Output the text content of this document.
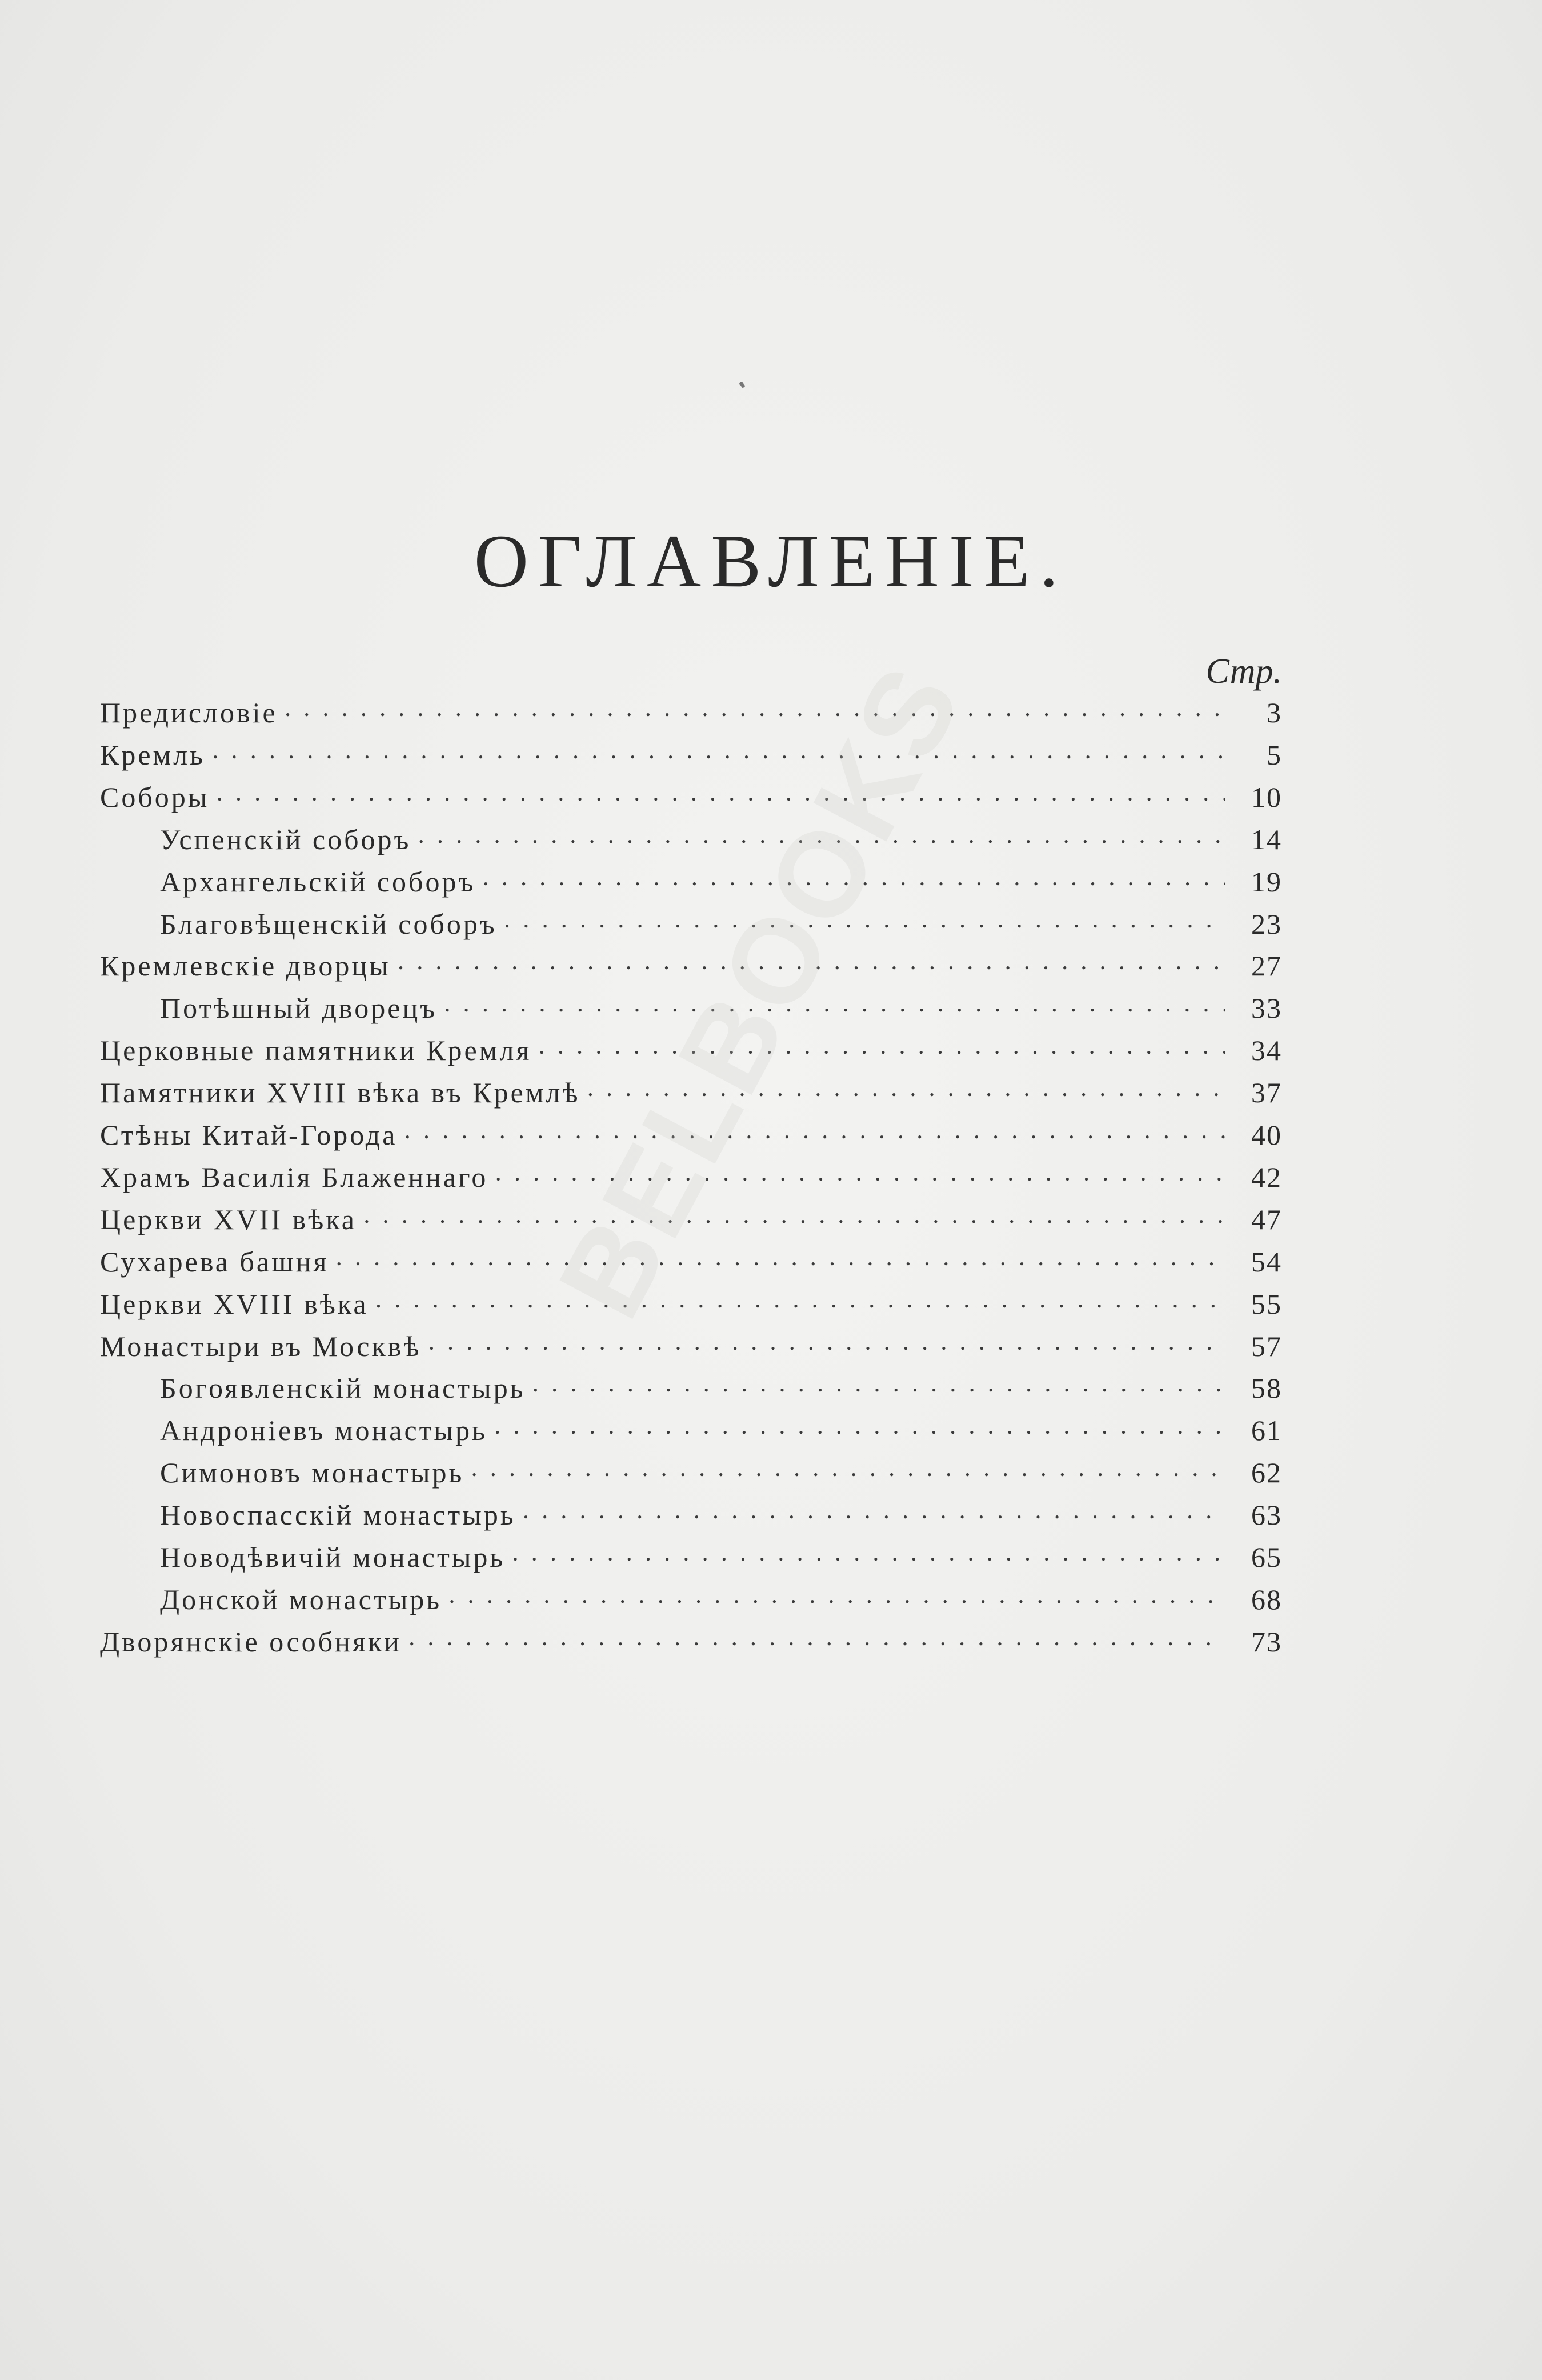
ОГЛАВЛЕНІЕ.
Стр.
Предисловіе • •	3
Кремль • •	5
Соборы • •	10
Успенскій соборъ • •	14
Архангельскій соборъ • •	19
Благовѣщенскій соборъ • •	23
Кремлевскіе дворцы • •	27
Потѣшный дворецъ • •	33
Церковные памятники Кремля • •	34
Памятники XVIII вѣка въ Кремлѣ • •	37
Стѣны Китай-Города • •	40
Храмъ Василія Блаженнаго • •	42
Церкви XVII вѣка • •	47
Сухарева башня • •	54
Церкви XVIII вѣка • •	55
Монастыри въ Москвѣ • •	57
Богоявленскій монастырь • •	58
Андроніевъ монастырь • •	61
Симоновъ монастырь • •	62
Новоспасскій монастырь • •	63
Новодѣвичій монастырь • •	65
Донской монастырь • •	68
Дворянскіе особняки • •	73
BELBOOKS
